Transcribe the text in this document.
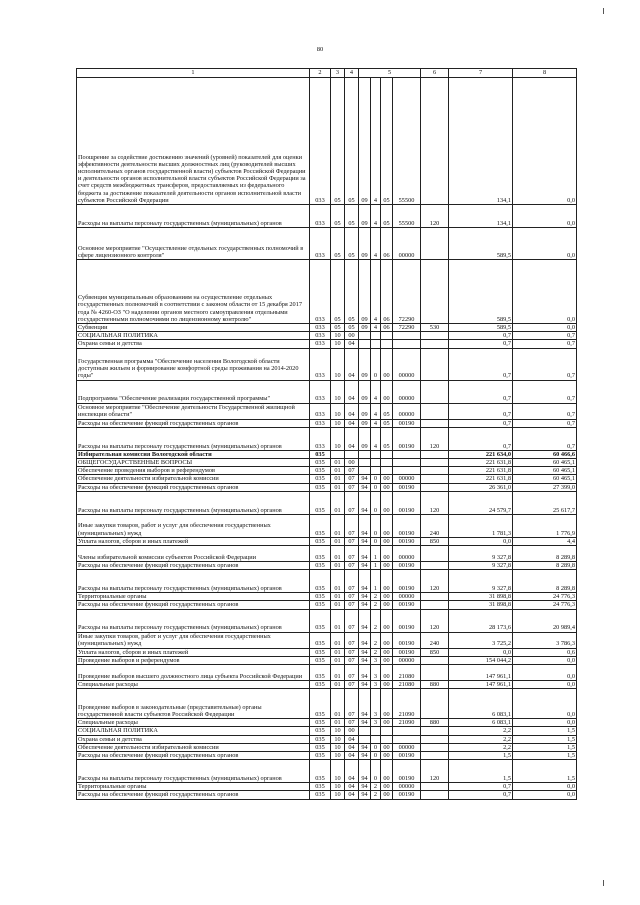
80
1	2	3	4	5				6	7	8
Поощрение за содействие достижению значений (уровней) показателей для оценки эффективности деятельности высших должностных лиц (руководителей высших исполнительных органов государственной власти) субъектов Российской Федерации и деятельности органов исполнительной власти субъектов Российской Федерации за счет средств межбюджетных трансферов, предоставляемых из федерального бюджета за достижение показателей деятельности органов исполнительной власти субъектов Российской Федерации	033	05	05	09	4	05	55500		134,1	0,0
Расходы на выплаты персоналу государственных (муниципальных) органов	033	05	05	09	4	05	55500	120	134,1	0,0
Основное мероприятие "Осуществление отдельных государственных полномочий в сфере лицензионного контроля"	033	05	05	09	4	06	00000		589,5	0,0
Субвенция муниципальным образованиям на осуществление отдельных государственных полномочий в соответствии с законом области от 15 декабря 2017 года № 4260-ОЗ "О наделении органов местного самоуправления отдельными государственными полномочиями по лицензионному контролю"	033	05	05	09	4	06	72290		589,5	0,0
Субвенции	033	05	05	09	4	06	72290	530	589,5	0,0
СОЦИАЛЬНАЯ ПОЛИТИКА	033	10	00						0,7	0,7
Охрана семьи и детства	033	10	04						0,7	0,7
Государственная программа "Обеспечение населения Вологодской области доступным жильем и формирование комфортной среды проживания на 2014-2020 годы"	033	10	04	09	0	00	00000		0,7	0,7
Подпрограмма "Обеспечение реализации государственной программы"	033	10	04	09	4	00	00000		0,7	0,7
Основное мероприятие "Обеспечение деятельности Государственной жилищной инспекции области"	033	10	04	09	4	05	00000		0,7	0,7
Расходы на обеспечение функций государственных органов	033	10	04	09	4	05	00190		0,7	0,7
Расходы на выплаты персоналу государственных (муниципальных) органов	033	10	04	09	4	05	00190	120	0,7	0,7
Избирательная комиссия Вологодской области	035								221 634,0	60 466,6
ОБЩЕГОСУДАРСТВЕННЫЕ ВОПРОСЫ	035	01	00						221 631,8	60 465,1
Обеспечение проведения выборов и референдумов	035	01	07						221 631,8	60 465,1
Обеспечение деятельности избирательной комиссии	035	01	07	94	0	00	00000		221 631,8	60 465,1
Расходы на обеспечение функций государственных органов	035	01	07	94	0	00	00190		26 361,0	27 399,0
Расходы на выплаты персоналу государственных (муниципальных) органов	035	01	07	94	0	00	00190	120	24 579,7	25 617,7
Иные закупки товаров, работ и услуг для обеспечения государственных (муниципальных) нужд	035	01	07	94	0	00	00190	240	1 781,3	1 776,9
Уплата налогов, сборов и иных платежей	035	01	07	94	0	00	00190	850	0,0	4,4
Члены избирательной комиссии субъектов Российской Федерации	035	01	07	94	1	00	00000		9 327,8	8 289,8
Расходы на обеспечение функций государственных органов	035	01	07	94	1	00	00190		9 327,8	8 289,8
Расходы на выплаты персоналу государственных (муниципальных) органов	035	01	07	94	1	00	00190	120	9 327,8	8 289,8
Территориальные органы	035	01	07	94	2	00	00000		31 898,8	24 776,3
Расходы на обеспечение функций государственных органов	035	01	07	94	2	00	00190		31 898,8	24 776,3
Расходы на выплаты персоналу государственных (муниципальных) органов	035	01	07	94	2	00	00190	120	28 173,6	20 989,4
Иные закупки товаров, работ и услуг для обеспечения государственных (муниципальных) нужд	035	01	07	94	2	00	00190	240	3 725,2	3 786,3
Уплата налогов, сборов и иных платежей	035	01	07	94	2	00	00190	850	0,0	0,6
Проведение выборов и референдумов	035	01	07	94	3	00	00000		154 044,2	0,0
Проведение выборов высшего должностного лица субъекта Российской Федерации	035	01	07	94	3	00	21080		147 961,1	0,0
Специальные расходы	035	01	07	94	3	00	21080	880	147 961,1	0,0
Проведение выборов в законодательные (представительные) органы государственной власти субъектов Российской Федерации	035	01	07	94	3	00	21090		6 083,1	0,0
Специальные расходы	035	01	07	94	3	00	21090	880	6 083,1	0,0
СОЦИАЛЬНАЯ ПОЛИТИКА	035	10	00						2,2	1,5
Охрана семьи и детства	035	10	04						2,2	1,5
Обеспечение деятельности избирательной комиссии	035	10	04	94	0	00	00000		2,2	1,5
Расходы на обеспечение функций государственных органов	035	10	04	94	0	00	00190		1,5	1,5
Расходы на выплаты персоналу государственных (муниципальных) органов	035	10	04	94	0	00	00190	120	1,5	1,5
Территориальные органы	035	10	04	94	2	00	00000		0,7	0,0
Расходы на обеспечение функций государственных органов	035	10	04	94	2	00	00190		0,7	0,0
